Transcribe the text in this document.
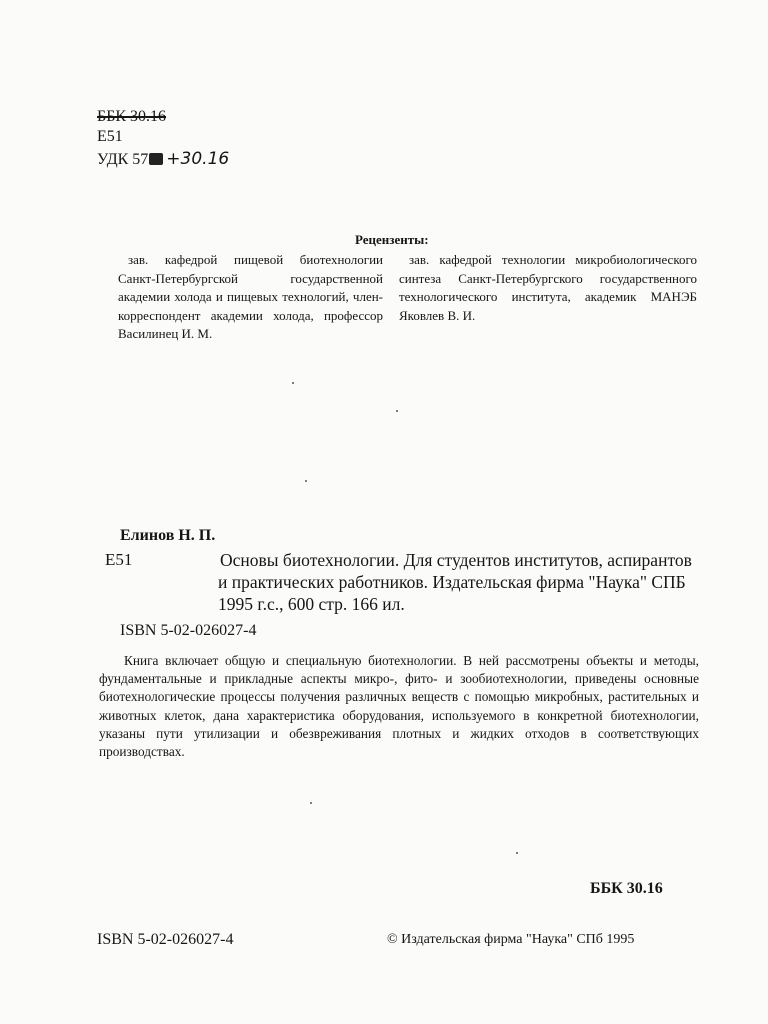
ББК 30.16
Е51
УДК 57 +30.16
Рецензенты:
зав. кафедрой пищевой биотехнологии Санкт-Петербургской государственной академии холода и пищевых технологий, член-корреспондент академии холода, профессор Василинец И. М.
зав. кафедрой технологии микробиологического синтеза Санкт-Петербургского государственного технологического института, академик МАНЭБ Яковлев В. И.
Елинов Н. П.
Е51	Основы биотехнологии. Для студентов институтов, аспирантов и практических работников. Издательская фирма "Наука" СПБ 1995 г.с., 600 стр. 166 ил.
ISBN 5-02-026027-4
Книга включает общую и специальную биотехнологии. В ней рассмотрены объекты и методы, фундаментальные и прикладные аспекты микро-, фито- и зообиотехнологии, приведены основные биотехнологические процессы получения различных веществ с помощью микробных, растительных и животных клеток, дана характеристика оборудования, используемого в конкретной биотехнологии, указаны пути утилизации и обезвреживания плотных и жидких отходов в соответствующих производствах.
ББК 30.16
ISBN 5-02-026027-4	© Издательская фирма "Наука" СПб 1995
